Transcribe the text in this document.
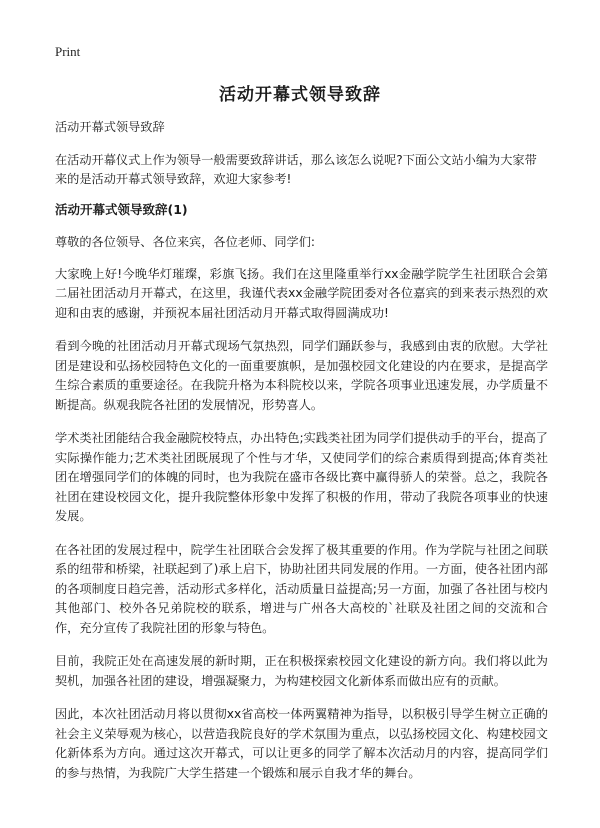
Print
活动开幕式领导致辞

活动开幕式领导致辞

在活动开幕仪式上作为领导一般需要致辞讲话，那么该怎么说呢?下面公文站小编为大家带来的是活动开幕式领导致辞，欢迎大家参考!

活动开幕式领导致辞(1)

尊敬的各位领导、各位来宾，各位老师、同学们:

大家晚上好!今晚华灯璀璨，彩旗飞扬。我们在这里隆重举行xx金融学院学生社团联合会第二届社团活动月开幕式，在这里，我谨代表xx金融学院团委对各位嘉宾的到来表示热烈的欢迎和由衷的感谢，并预祝本届社团活动月开幕式取得圆满成功!

看到今晚的社团活动月开幕式现场气氛热烈，同学们踊跃参与，我感到由衷的欣慰。大学社团是建设和弘扬校园特色文化的一面重要旗帜，是加强校园文化建设的内在要求，是提高学生综合素质的重要途径。在我院升格为本科院校以来，学院各项事业迅速发展，办学质量不断提高。纵观我院各社团的发展情况，形势喜人。

学术类社团能结合我金融院校特点，办出特色;实践类社团为同学们提供动手的平台，提高了实际操作能力;艺术类社团既展现了个性与才华，又使同学们的综合素质得到提高;体育类社团在增强同学们的体魄的同时，也为我院在盛市各级比赛中赢得骄人的荣誉。总之，我院各社团在建设校园文化，提升我院整体形象中发挥了积极的作用，带动了我院各项事业的快速发展。

在各社团的发展过程中，院学生社团联合会发挥了极其重要的作用。作为学院与社团之间联系的纽带和桥梁，社联起到了)承上启下，协助社团共同发展的作用。一方面，使各社团内部的各项制度日趋完善，活动形式多样化，活动质量日益提高;另一方面，加强了各社团与校内其他部门、校外各兄弟院校的联系，增进与广州各大高校的`社联及社团之间的交流和合作，充分宣传了我院社团的形象与特色。

目前，我院正处在高速发展的新时期，正在积极探索校园文化建设的新方向。我们将以此为契机，加强各社团的建设，增强凝聚力，为构建校园文化新体系而做出应有的贡献。

因此，本次社团活动月将以贯彻xx省高校一体两翼精神为指导，以积极引导学生树立正确的社会主义荣辱观为核心，以营造我院良好的学术氛围为重点，以弘扬校园文化、构建校园文化新体系为方向。通过这次开幕式，可以让更多的同学了解本次活动月的内容，提高同学们的参与热情，为我院广大学生搭建一个锻炼和展示自我才华的舞台。
